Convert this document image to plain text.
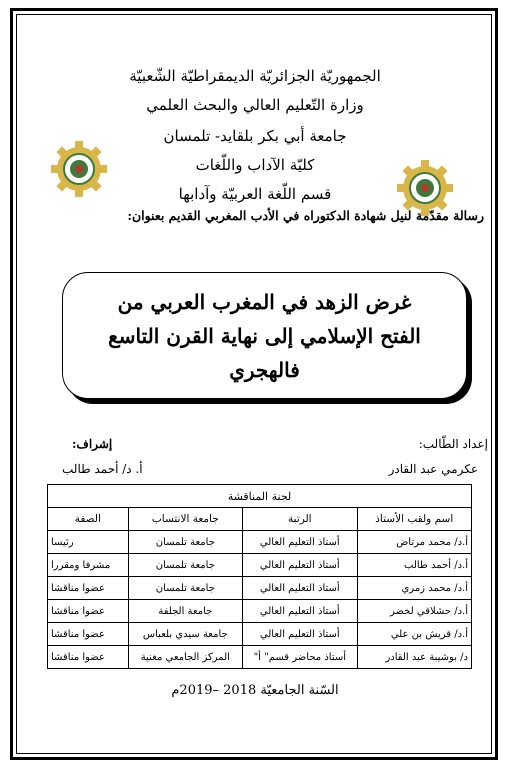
الجمهوريّة الجزائريّة الديمقراطيّة الشّعبيّة
وزارة التّعليم العالي والبحث العلمي
جامعة أبي بكر بلقايد- تلمسان
كليّة الآداب واللّغات
قسم اللّغة العربيّة وآدابها
رسالة مقدّمة لنيل شهادة الدكتوراه في الأدب المغربي القديم بعنوان:
غرض الزهد في المغرب العربي من
الفتح الإسلامي إلى نهاية القرن التاسع
فالهجري
إعداد الطّالب:
عكرمي عبد القادر
إشراف:
أ. د/ أحمد طالب
لجنة المناقشة			
اسم ولقب الأستاذ	الرتبة	جامعة الانتساب	الصفة
أ.د/ محمد مرتاض	أستاذ التعليم العالي	جامعة تلمسان	رئيسا
أ.د/ أحمد طالب	أستاذ التعليم العالي	جامعة تلمسان	مشرفا ومقررا
أ.د/ محمد زمري	أستاذ التعليم العالي	جامعة تلمسان	عضوا مناقشا
أ.د/ حشلاقي لخضر	أستاذ التعليم العالي	جامعة الجلفة	عضوا مناقشا
أ.د/ قريش بن علي	أستاذ التعليم العالي	جامعة سيدي بلعباس	عضوا مناقشا
د/ بوشيبة عبد القادر	أستاذ محاضر قسم" أ"	المركز الجامعي مغنية	عضوا مناقشا
السّنة الجامعيّة 2018 –2019م
